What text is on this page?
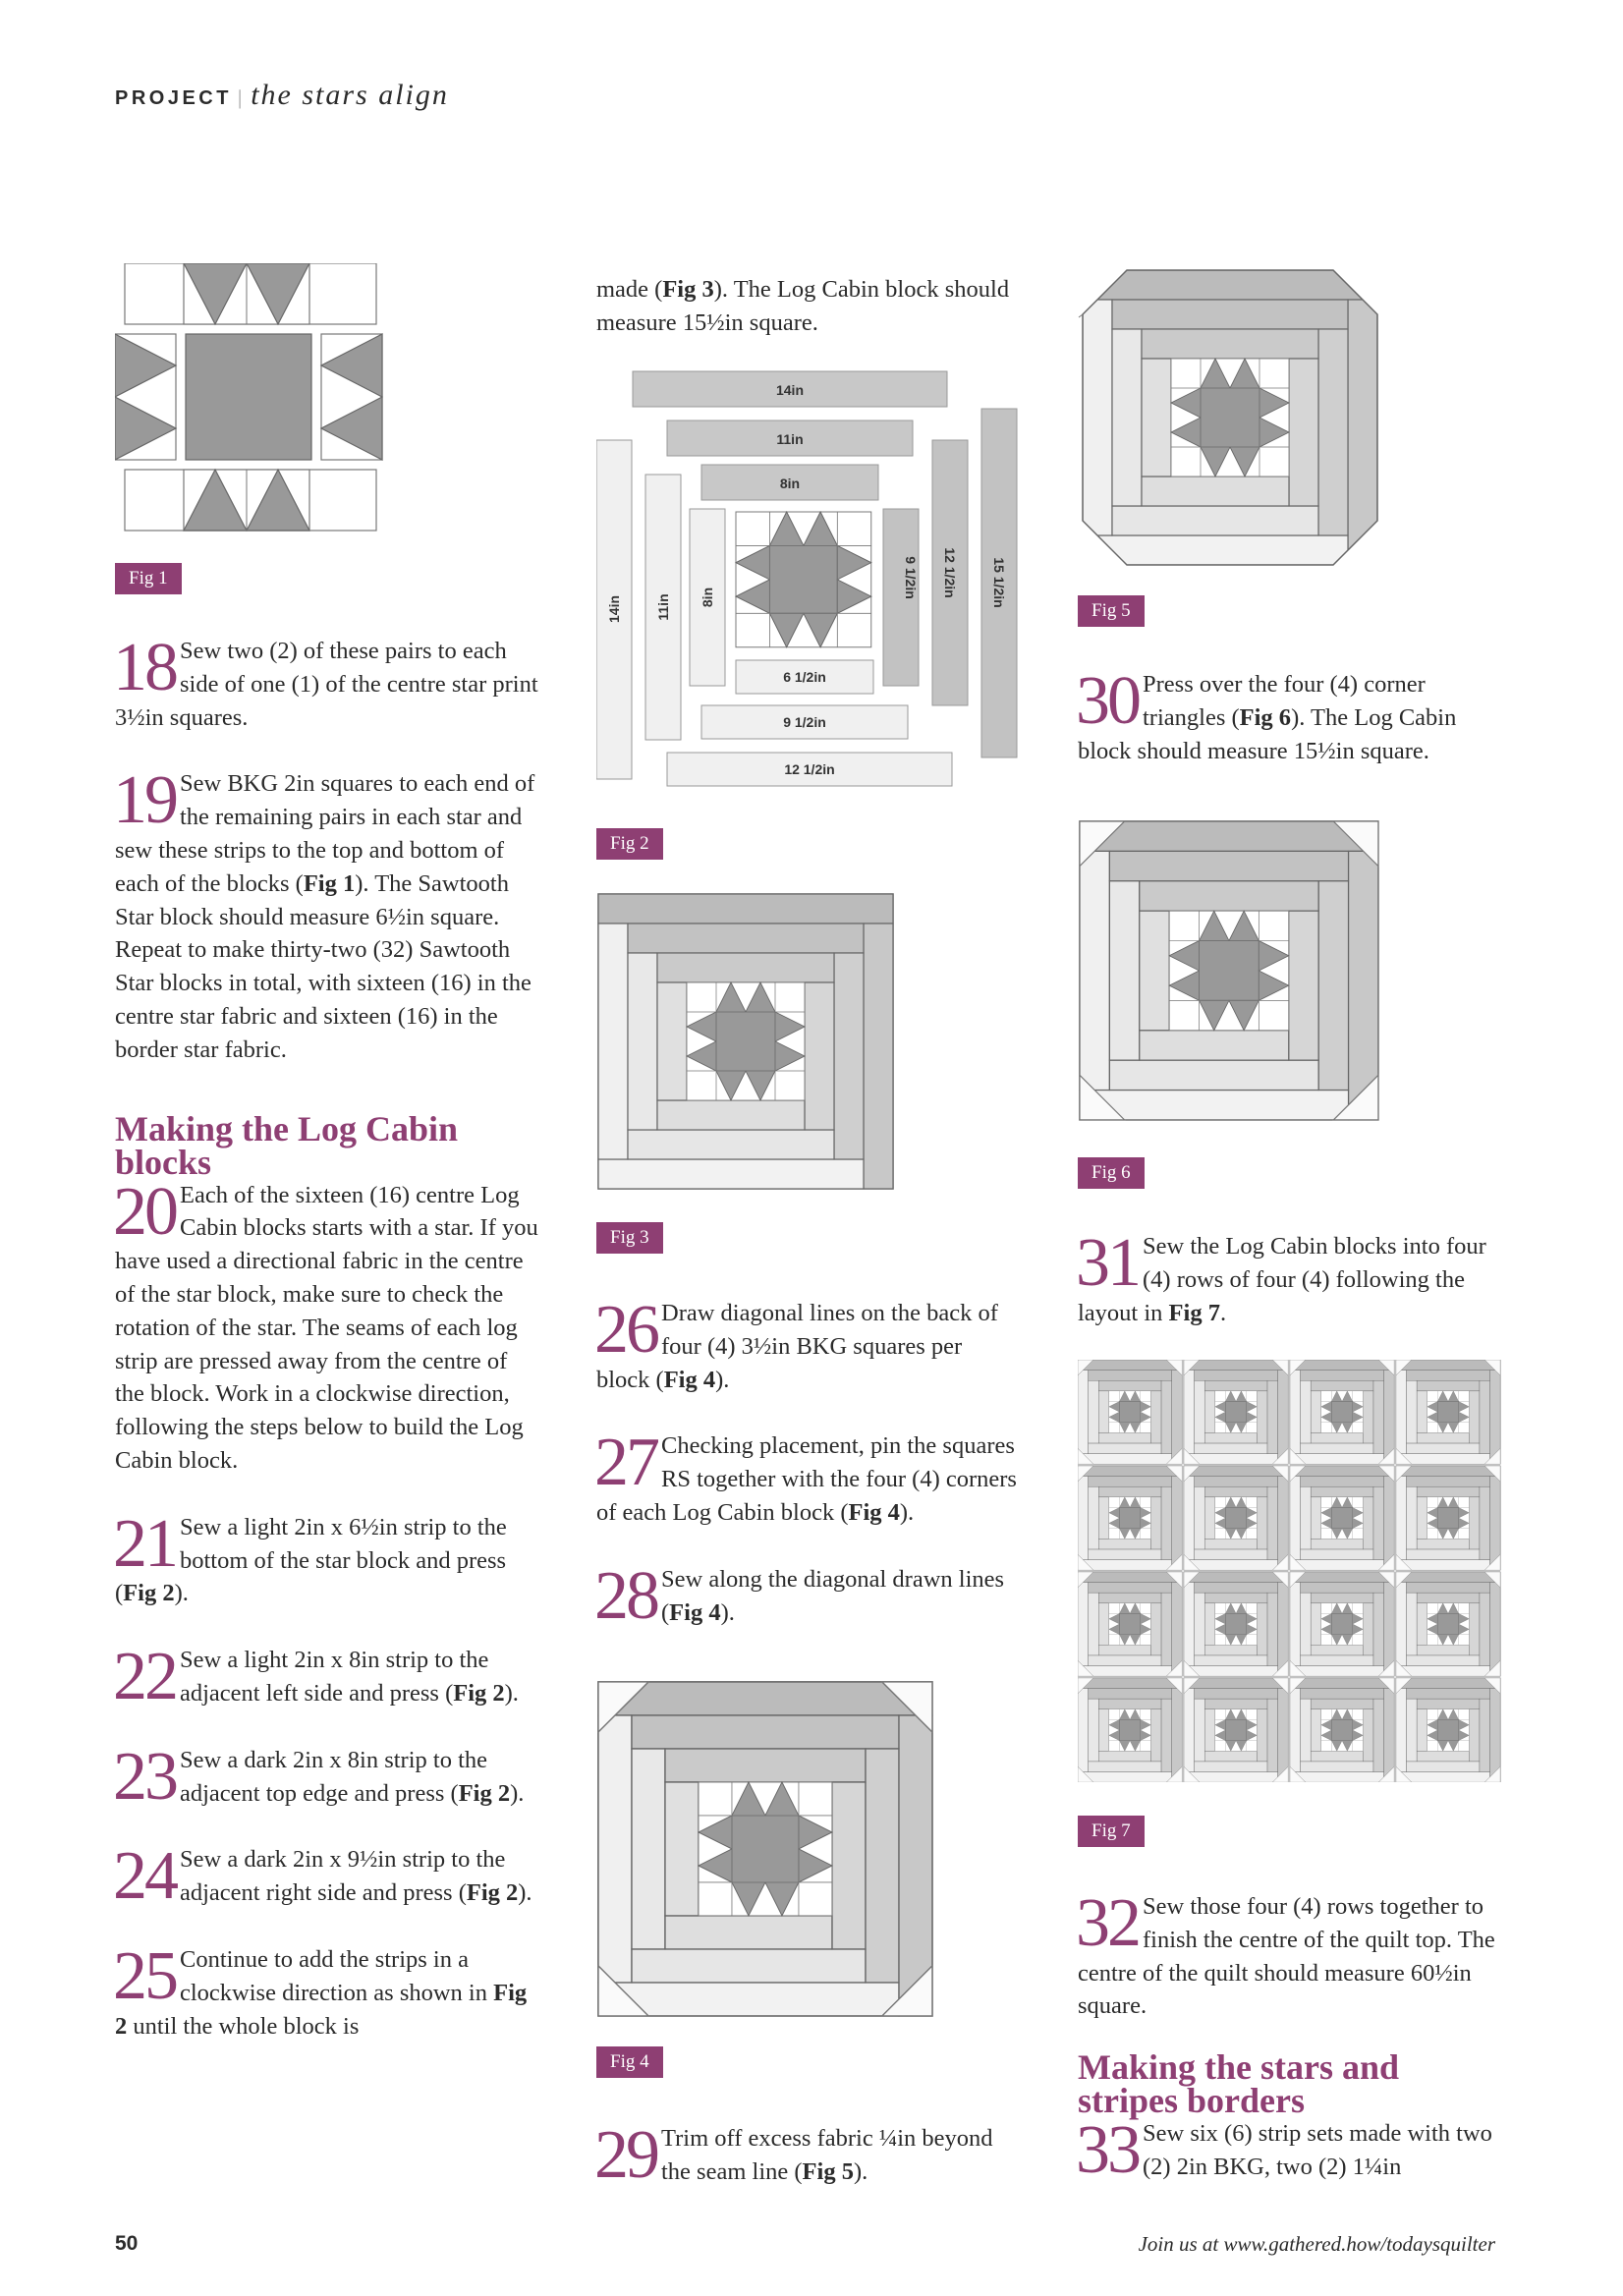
PROJECT | the stars align
Fig 1
18 Sew two (2) of these pairs to each side of one (1) of the centre star print 3½in squares.
19 Sew BKG 2in squares to each end of the remaining pairs in each star and sew these strips to the top and bottom of each of the blocks (Fig 1). The Sawtooth Star block should measure 6½in square. Repeat to make thirty-two (32) Sawtooth Star blocks in total, with sixteen (16) in the centre star fabric and sixteen (16) in the border star fabric.
Making the Log Cabin blocks
20 Each of the sixteen (16) centre Log Cabin blocks starts with a star. If you have used a directional fabric in the centre of the star block, make sure to check the rotation of the star. The seams of each log strip are pressed away from the centre of the block. Work in a clockwise direction, following the steps below to build the Log Cabin block.
21 Sew a light 2in x 6½in strip to the bottom of the star block and press (Fig 2).
22 Sew a light 2in x 8in strip to the adjacent left side and press (Fig 2).
23 Sew a dark 2in x 8in strip to the adjacent top edge and press (Fig 2).
24 Sew a dark 2in x 9½in strip to the adjacent right side and press (Fig 2).
25 Continue to add the strips in a clockwise direction as shown in Fig 2 until the whole block is
made (Fig 3). The Log Cabin block should measure 15½in square.
14in
11in
8in
14in 11in 8in	9 1/2in 12 1/2in 15 1/2in
6 1/2in
9 1/2in
12 1/2in
Fig 2
Fig 3
26 Draw diagonal lines on the back of four (4) 3½in BKG squares per block (Fig 4).
27 Checking placement, pin the squares RS together with the four (4) corners of each Log Cabin block (Fig 4).
28 Sew along the diagonal drawn lines (Fig 4).
Fig 4
29 Trim off excess fabric ¼in beyond the seam line (Fig 5).
Fig 5
30 Press over the four (4) corner triangles (Fig 6). The Log Cabin block should measure 15½in square.
Fig 6
31 Sew the Log Cabin blocks into four (4) rows of four (4) following the layout in Fig 7.
Fig 7
32 Sew those four (4) rows together to finish the centre of the quilt top. The centre of the quilt should measure 60½in square.
Making the stars and stripes borders
33 Sew six (6) strip sets made with two (2) 2in BKG, two (2) 1¼in
50	Join us at www.gathered.how/todaysquilter
